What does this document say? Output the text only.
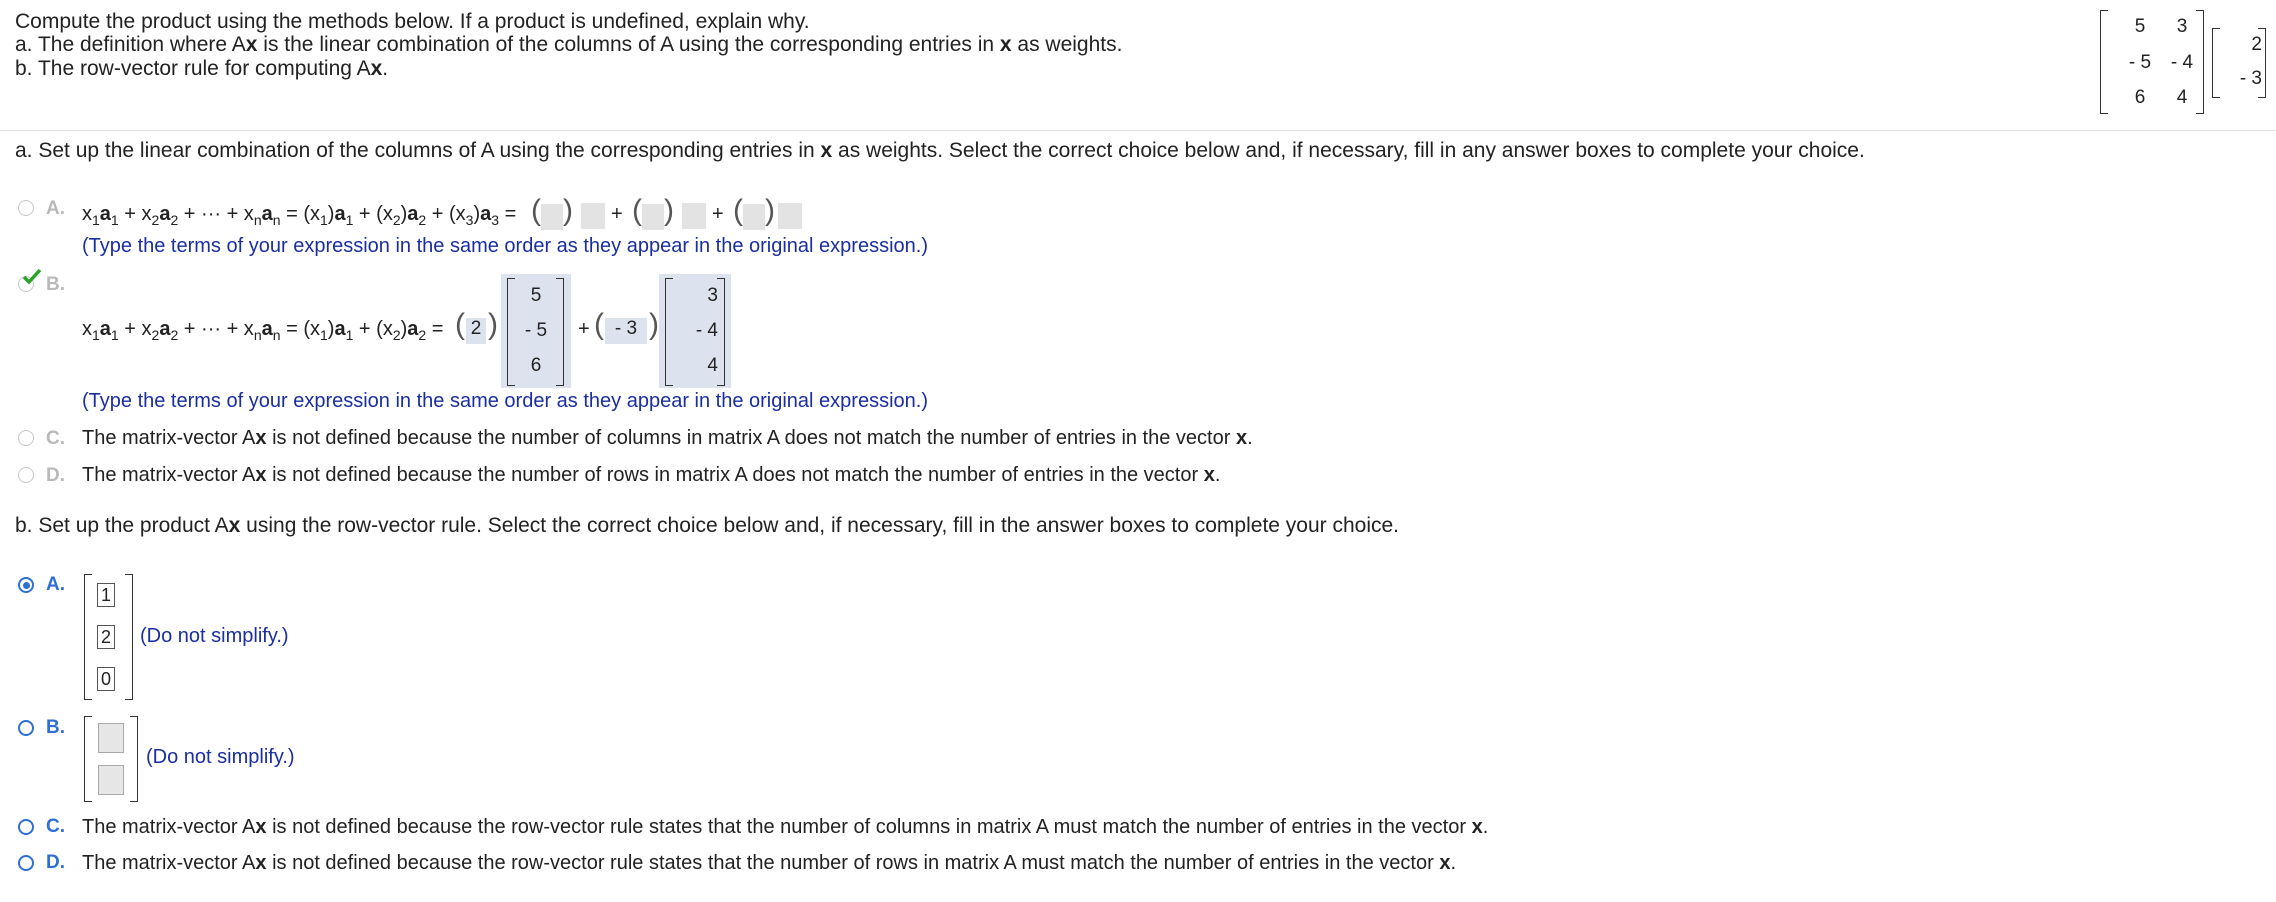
Compute the product using the methods below. If a product is undefined, explain why.
a. The definition where Ax is the linear combination of the columns of A using the corresponding entries in x as weights.
b. The row-vector rule for computing Ax.
5	3
- 5	- 4
6	4
2
- 3
a. Set up the linear combination of the columns of A using the corresponding entries in x as weights. Select the correct choice below and, if necessary, fill in any answer boxes to complete your choice.
A. $x_1a_1 + x_2a_2$ + ··· + $x_na_n = (x_1)a_1 + (x_2)a_2 + (x_3)a_3$ = ( ) + ( ) + ( )
(Type the terms of your expression in the same order as they appear in the original expression.)
B.
$x_1a_1 + x_2a_2$ + ··· + $x_na_n = (x_1)a_1 + (x_2)a_2$ = ( 2 )
5
- 5
6
+ ( - 3 )
3
- 4
4
(Type the terms of your expression in the same order as they appear in the original expression.)
C. The matrix-vector Ax is not defined because the number of columns in matrix A does not match the number of entries in the vector x.
D. The matrix-vector Ax is not defined because the number of rows in matrix A does not match the number of entries in the vector x.
b. Set up the product Ax using the row-vector rule. Select the correct choice below and, if necessary, fill in the answer boxes to complete your choice.
A. 1
2
0
(Do not simplify.)
B.
(Do not simplify.)
C. The matrix-vector Ax is not defined because the row-vector rule states that the number of columns in matrix A must match the number of entries in the vector x.
D. The matrix-vector Ax is not defined because the row-vector rule states that the number of rows in matrix A must match the number of entries in the vector x.
